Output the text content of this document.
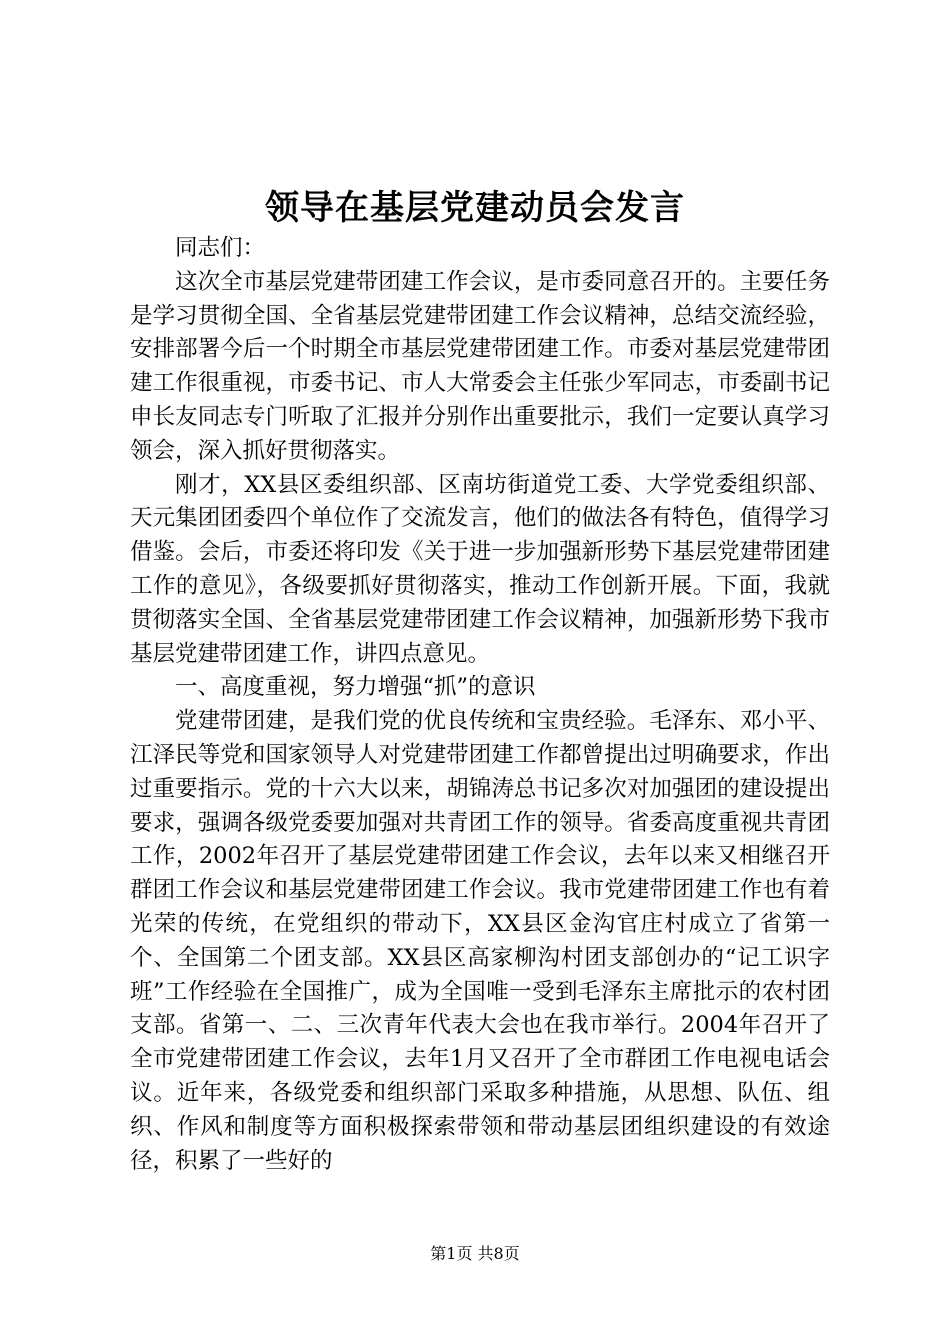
领导在基层党建动员会发言

同志们：

这次全市基层党建带团建工作会议，是市委同意召开的。主要任务是学习贯彻全国、全省基层党建带团建工作会议精神，总结交流经验，安排部署今后一个时期全市基层党建带团建工作。市委对基层党建带团建工作很重视，市委书记、市人大常委会主任张少军同志，市委副书记申长友同志专门听取了汇报并分别作出重要批示，我们一定要认真学习领会，深入抓好贯彻落实。

刚才，XX县区委组织部、区南坊街道党工委、大学党委组织部、天元集团团委四个单位作了交流发言，他们的做法各有特色，值得学习借鉴。会后，市委还将印发《关于进一步加强新形势下基层党建带团建工作的意见》，各级要抓好贯彻落实，推动工作创新开展。下面，我就贯彻落实全国、全省基层党建带团建工作会议精神，加强新形势下我市基层党建带团建工作，讲四点意见。

一、高度重视，努力增强“抓”的意识

党建带团建，是我们党的优良传统和宝贵经验。毛泽东、邓小平、江泽民等党和国家领导人对党建带团建工作都曾提出过明确要求，作出过重要指示。党的十六大以来，胡锦涛总书记多次对加强团的建设提出要求，强调各级党委要加强对共青团工作的领导。省委高度重视共青团工作，2002年召开了基层党建带团建工作会议，去年以来又相继召开群团工作会议和基层党建带团建工作会议。我市党建带团建工作也有着光荣的传统，在党组织的带动下，XX县区金沟官庄村成立了省第一个、全国第二个团支部。XX县区高家柳沟村团支部创办的“记工识字班”工作经验在全国推广，成为全国唯一受到毛泽东主席批示的农村团支部。省第一、二、三次青年代表大会也在我市举行。2004年召开了全市党建带团建工作会议，去年1月又召开了全市群团工作电视电话会议。近年来，各级党委和组织部门采取多种措施，从思想、队伍、组织、作风和制度等方面积极探索带领和带动基层团组织建设的有效途径，积累了一些好的

第1页 共8页
